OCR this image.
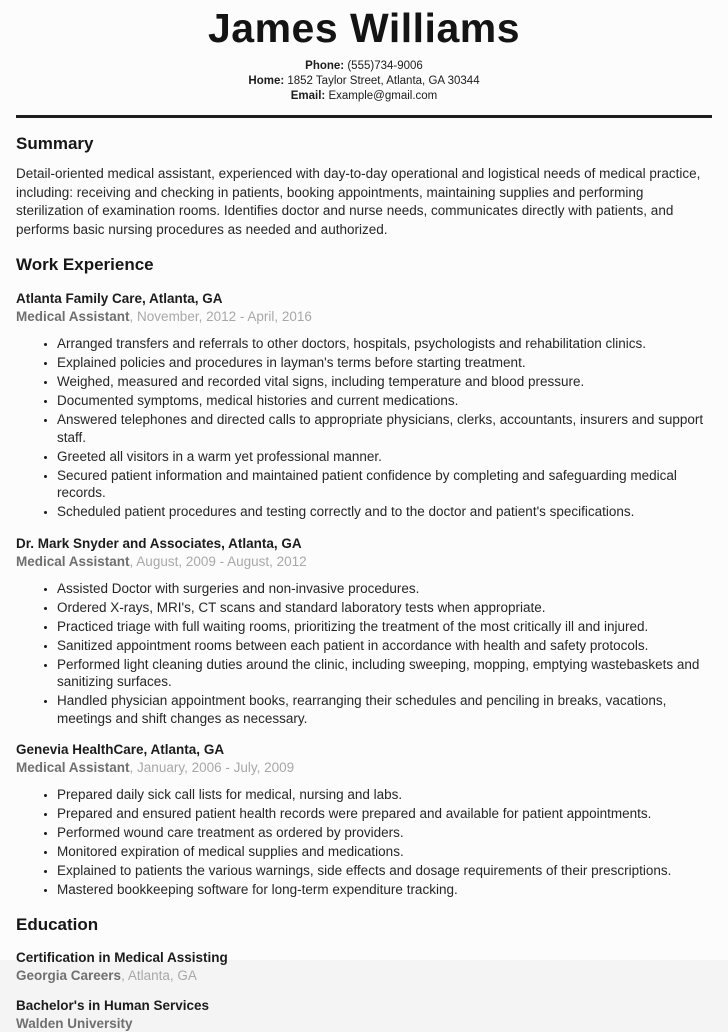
James Williams
Phone: (555)734-9006
Home: 1852 Taylor Street, Atlanta, GA 30344
Email: Example@gmail.com
Summary

Detail-oriented medical assistant, experienced with day-to-day operational and logistical needs of medical practice, including: receiving and checking in patients, booking appointments, maintaining supplies and performing sterilization of examination rooms. Identifies doctor and nurse needs, communicates directly with patients, and performs basic nursing procedures as needed and authorized.

Work Experience
Atlanta Family Care, Atlanta, GA
Medical Assistant, November, 2012 - April, 2016
• Arranged transfers and referrals to other doctors, hospitals, psychologists and rehabilitation clinics.
• Explained policies and procedures in layman's terms before starting treatment.
• Weighed, measured and recorded vital signs, including temperature and blood pressure.
• Documented symptoms, medical histories and current medications.
• Answered telephones and directed calls to appropriate physicians, clerks, accountants, insurers and support staff.
• Greeted all visitors in a warm yet professional manner.
• Secured patient information and maintained patient confidence by completing and safeguarding medical records.
• Scheduled patient procedures and testing correctly and to the doctor and patient's specifications.
Dr. Mark Snyder and Associates, Atlanta, GA
Medical Assistant, August, 2009 - August, 2012
• Assisted Doctor with surgeries and non-invasive procedures.
• Ordered X-rays, MRI's, CT scans and standard laboratory tests when appropriate.
• Practiced triage with full waiting rooms, prioritizing the treatment of the most critically ill and injured.
• Sanitized appointment rooms between each patient in accordance with health and safety protocols.
• Performed light cleaning duties around the clinic, including sweeping, mopping, emptying wastebaskets and sanitizing surfaces.
• Handled physician appointment books, rearranging their schedules and penciling in breaks, vacations, meetings and shift changes as necessary.
Genevia HealthCare, Atlanta, GA
Medical Assistant, January, 2006 - July, 2009
• Prepared daily sick call lists for medical, nursing and labs.
• Prepared and ensured patient health records were prepared and available for patient appointments.
• Performed wound care treatment as ordered by providers.
• Monitored expiration of medical supplies and medications.
• Explained to patients the various warnings, side effects and dosage requirements of their prescriptions.
• Mastered bookkeeping software for long-term expenditure tracking.
Education
Certification in Medical Assisting
Georgia Careers, Atlanta, GA
Bachelor's in Human Services
Walden University
